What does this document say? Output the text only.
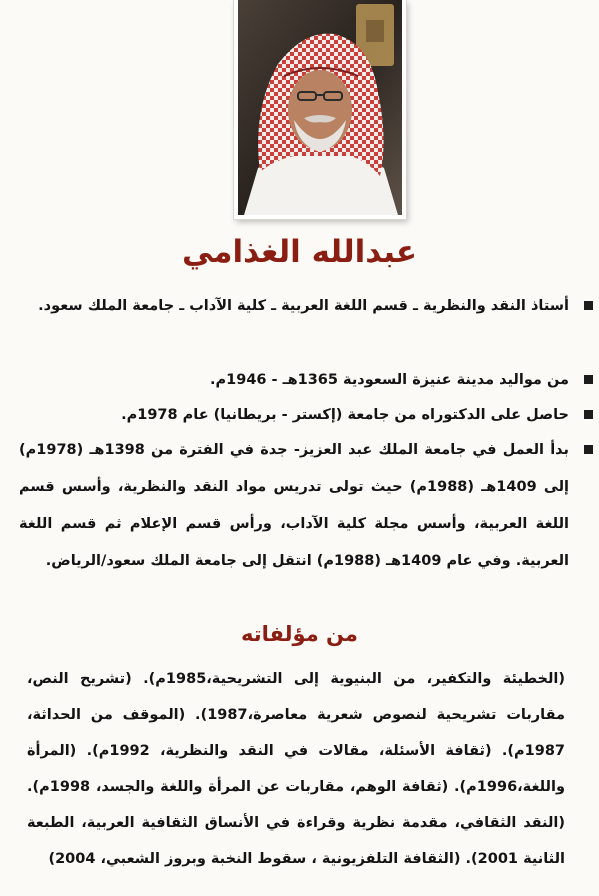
عبدالله الغذامي
أستاذ النقد والنظرية ـ قسم اللغة العربية ـ كلية الآداب ـ جامعة الملك سعود.
من مواليد مدينة عنيزة السعودية 1365هـ - 1946م.
حاصل على الدكتوراه من جامعة (إكستر - بريطانيا) عام 1978م.
بدأ العمل في جامعة الملك عبد العزيز- جدة في الفترة من 1398هـ (1978م) إلى 1409هـ (1988م) حيث تولى تدريس مواد النقد والنظرية، وأسس قسم اللغة العربية، وأسس مجلة كلية الآداب، ورأس قسم الإعلام ثم قسم اللغة العربية. وفي عام 1409هـ (1988م) انتقل إلى جامعة الملك سعود/الرياض.
من مؤلفاته

(الخطيئة والتكفير، من البنيوية إلى التشريحية،1985م). (تشريح النص، مقاربات تشريحية لنصوص شعرية معاصرة،1987). (الموقف من الحداثة، 1987م). (ثقافة الأسئلة، مقالات في النقد والنظرية، 1992م). (المرأة واللغة،1996م). (ثقافة الوهم، مقاربات عن المرأة واللغة والجسد، 1998م). (النقد الثقافي، مقدمة نظرية وقراءة في الأنساق الثقافية العربية، الطبعة الثانية 2001). (الثقافة التلفزيونية ، سقوط النخبة وبروز الشعبي، 2004)
